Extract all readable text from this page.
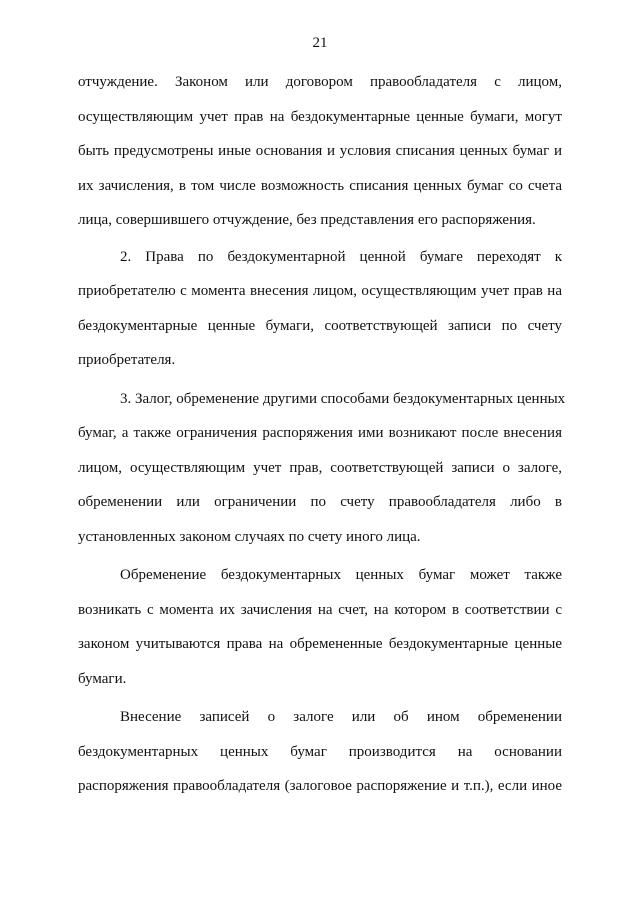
21

отчуждение. Законом или договором правообладателя с лицом,
осуществляющим учет прав на бездокументарные ценные бумаги, могут
быть предусмотрены иные основания и условия списания ценных бумаг и
их зачисления, в том числе возможность списания ценных бумаг со счета
лица, совершившего отчуждение, без представления его распоряжения.

2. Права по бездокументарной ценной бумаге переходят к
приобретателю с момента внесения лицом, осуществляющим учет прав на
бездокументарные ценные бумаги, соответствующей записи по счету
приобретателя.

3. Залог, обременение другими способами бездокументарных ценных
бумаг, а также ограничения распоряжения ими возникают после внесения
лицом, осуществляющим учет прав, соответствующей записи о залоге,
обременении или ограничении по счету правообладателя либо в
установленных законом случаях по счету иного лица.

Обременение бездокументарных ценных бумаг может также
возникать с момента их зачисления на счет, на котором в соответствии с
законом учитываются права на обремененные бездокументарные ценные
бумаги.

Внесение записей о залоге или об ином обременении
бездокументарных ценных бумаг производится на основании
распоряжения правообладателя (залоговое распоряжение и т.п.), если иное
